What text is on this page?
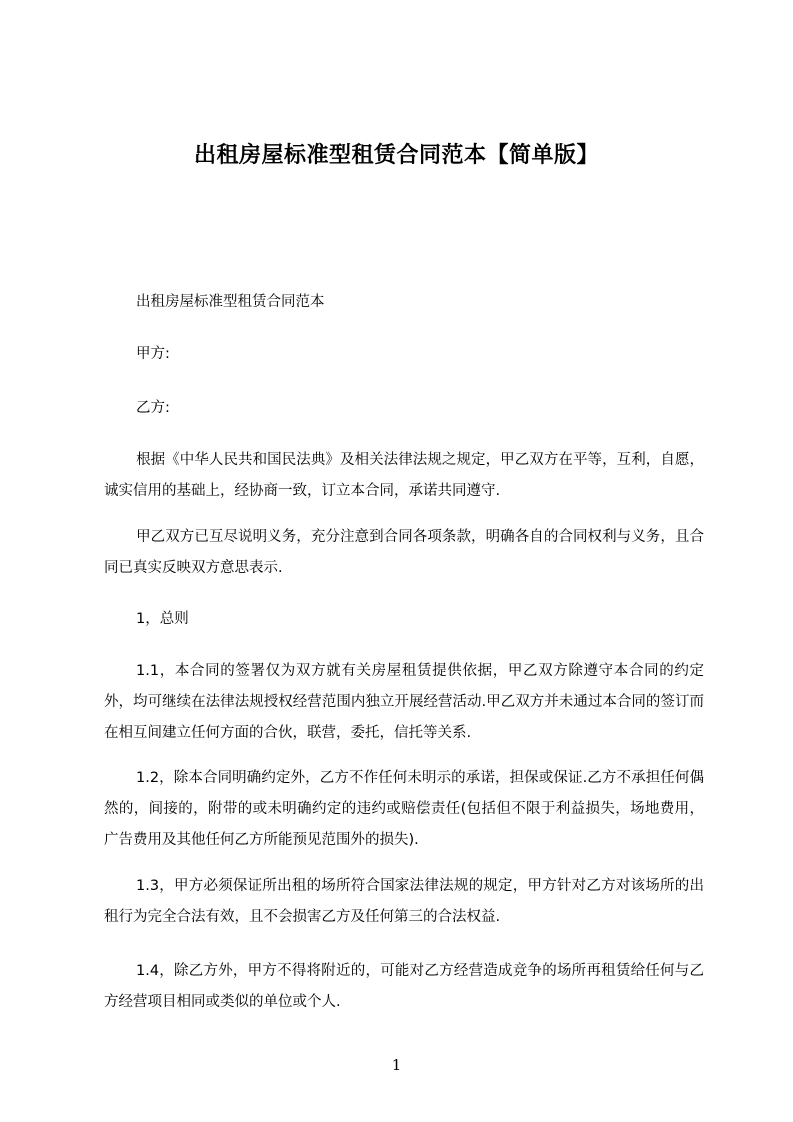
出租房屋标准型租赁合同范本【简单版】
出租房屋标准型租赁合同范本
甲方:
乙方:
根据《中华人民共和国民法典》及相关法律法规之规定，甲乙双方在平等，互利，自愿，诚实信用的基础上，经协商一致，订立本合同，承诺共同遵守.
甲乙双方已互尽说明义务，充分注意到合同各项条款，明确各自的合同权利与义务，且合同已真实反映双方意思表示.
1，总则
1.1，本合同的签署仅为双方就有关房屋租赁提供依据，甲乙双方除遵守本合同的约定外，均可继续在法律法规授权经营范围内独立开展经营活动.甲乙双方并未通过本合同的签订而在相互间建立任何方面的合伙，联营，委托，信托等关系.
1.2，除本合同明确约定外，乙方不作任何未明示的承诺，担保或保证.乙方不承担任何偶然的，间接的，附带的或未明确约定的违约或赔偿责任(包括但不限于利益损失，场地费用，广告费用及其他任何乙方所能预见范围外的损失).
1.3，甲方必须保证所出租的场所符合国家法律法规的规定，甲方针对乙方对该场所的出租行为完全合法有效，且不会损害乙方及任何第三的合法权益.
1.4，除乙方外，甲方不得将附近的，可能对乙方经营造成竞争的场所再租赁给任何与乙方经营项目相同或类似的单位或个人.
1
